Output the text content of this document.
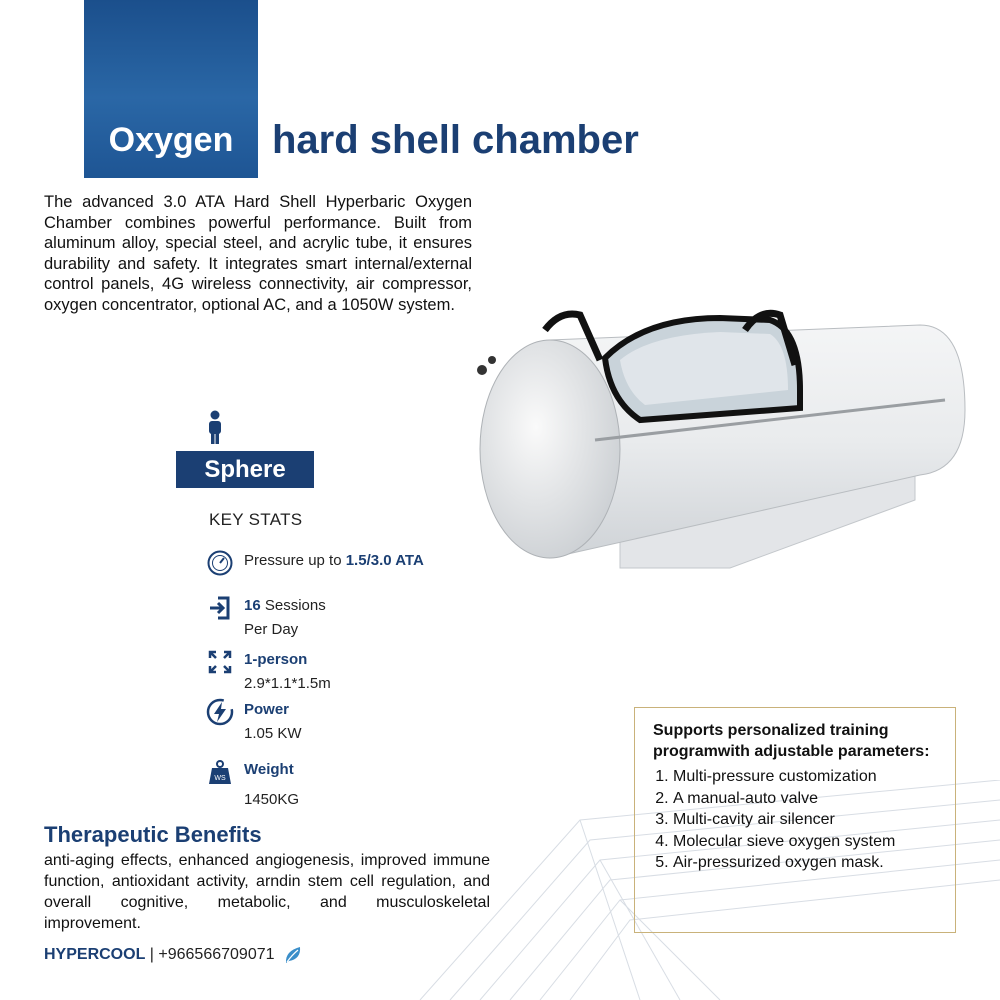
Oxygen hard shell chamber
The advanced 3.0 ATA Hard Shell Hyperbaric Oxygen Chamber combines powerful performance. Built from aluminum alloy, special steel, and acrylic tube, it ensures durability and safety. It integrates smart internal/external control panels, 4G wireless connectivity, air compressor, oxygen concentrator, optional AC, and a 1050W system.
Sphere
KEY STATS
Pressure up to 1.5/3.0 ATA
16 Sessions
Per Day
1-person
2.9*1.1*1.5m
Power
1.05 KW
WS
Weight
1450KG
Therapeutic Benefits
anti-aging effects, enhanced angiogenesis, improved immune function, antioxidant activity, arndin stem cell regulation, and overall cognitive, metabolic, and musculoskeletal improvement.
HYPERCOOL | +966566709071
Supports personalized training programwith adjustable parameters:
1. Multi-pressure customization
2. A manual-auto valve
3. Multi-cavity air silencer
4. Molecular sieve oxygen system
5. Air-pressurized oxygen mask.
